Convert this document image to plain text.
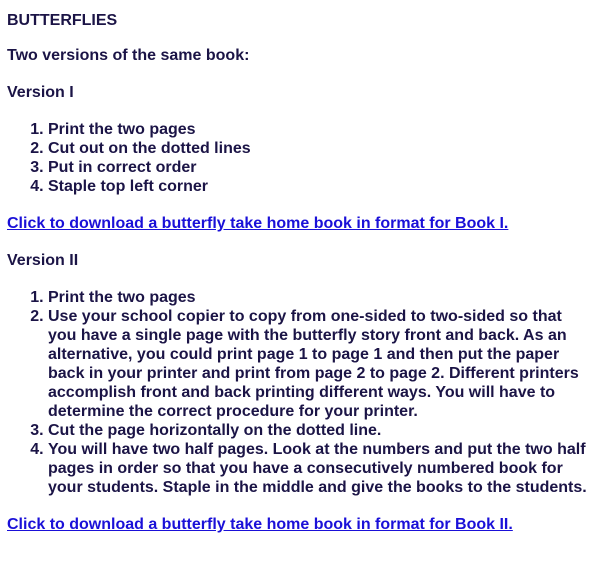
BUTTERFLIES

Two versions of the same book:

Version I

1. Print the two pages
2. Cut out on the dotted lines
3. Put in correct order
4. Staple top left corner

Click to download a butterfly take home book in format for Book I.

Version II

1. Print the two pages
2. Use your school copier to copy from one-sided to two-sided so that you have a single page with the butterfly story front and back. As an alternative, you could print page 1 to page 1 and then put the paper back in your printer and print from page 2 to page 2. Different printers accomplish front and back printing different ways. You will have to determine the correct procedure for your printer.
3. Cut the page horizontally on the dotted line.
4. You will have two half pages. Look at the numbers and put the two half pages in order so that you have a consecutively numbered book for your students. Staple in the middle and give the books to the students.

Click to download a butterfly take home book in format for Book II.
